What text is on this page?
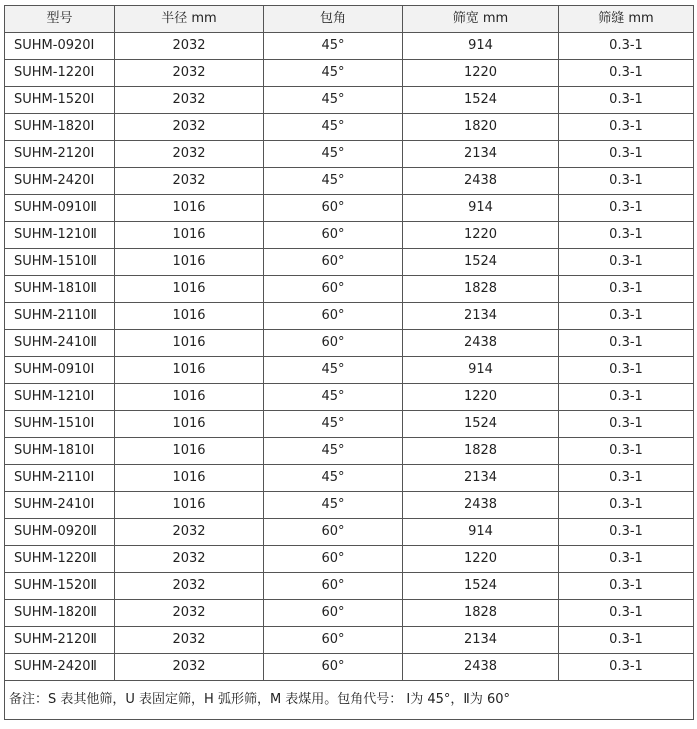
型号	半径 mm	包角	筛宽 mm	筛缝 mm
SUHM-0920Ⅰ	2032	45°	914	0.3-1
SUHM-1220Ⅰ	2032	45°	1220	0.3-1
SUHM-1520Ⅰ	2032	45°	1524	0.3-1
SUHM-1820Ⅰ	2032	45°	1820	0.3-1
SUHM-2120Ⅰ	2032	45°	2134	0.3-1
SUHM-2420Ⅰ	2032	45°	2438	0.3-1
SUHM-0910Ⅱ	1016	60°	914	0.3-1
SUHM-1210Ⅱ	1016	60°	1220	0.3-1
SUHM-1510Ⅱ	1016	60°	1524	0.3-1
SUHM-1810Ⅱ	1016	60°	1828	0.3-1
SUHM-2110Ⅱ	1016	60°	2134	0.3-1
SUHM-2410Ⅱ	1016	60°	2438	0.3-1
SUHM-0910Ⅰ	1016	45°	914	0.3-1
SUHM-1210Ⅰ	1016	45°	1220	0.3-1
SUHM-1510Ⅰ	1016	45°	1524	0.3-1
SUHM-1810Ⅰ	1016	45°	1828	0.3-1
SUHM-2110Ⅰ	1016	45°	2134	0.3-1
SUHM-2410Ⅰ	1016	45°	2438	0.3-1
SUHM-0920Ⅱ	2032	60°	914	0.3-1
SUHM-1220Ⅱ	2032	60°	1220	0.3-1
SUHM-1520Ⅱ	2032	60°	1524	0.3-1
SUHM-1820Ⅱ	2032	60°	1828	0.3-1
SUHM-2120Ⅱ	2032	60°	2134	0.3-1
SUHM-2420Ⅱ	2032	60°	2438	0.3-1
备注：S 表其他筛，U 表固定筛，H 弧形筛，M 表煤用。包角代号： Ⅰ为 45°，Ⅱ为 60°				
